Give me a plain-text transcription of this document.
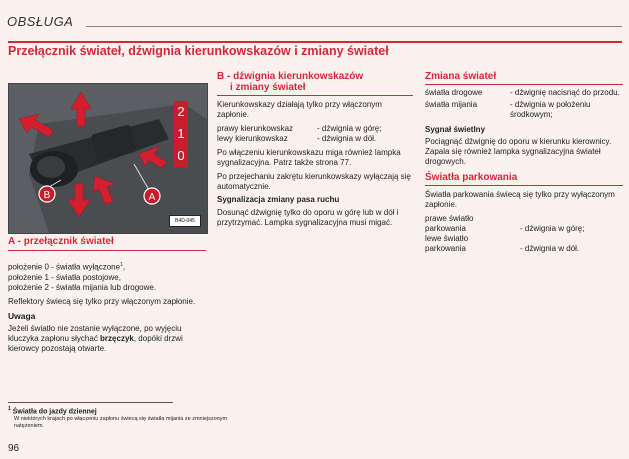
OBSŁUGA
Przełącznik świateł, dźwignia kierunkowskazów i zmiany świateł
2
1
0
B	A
B4D-045
A - przełącznik świateł
położenie 0 - światła wyłączone$^1$,
położenie 1 - światła postojowe,
położenie 2 - światła mijania lub drogowe.
Reflektory świecą się tylko przy włączonym zapłonie.
Uwaga
Jeżeli światło nie zostanie wyłączone, po wyjęciu kluczyka zapłonu słychać brzęczyk, dopóki drzwi kierowcy pozostają otwarte.
B - dźwignia kierunkowskazów
i zmiany świateł
Kierunkowskazy działają tylko przy włączonym zapłonie.
prawy kierunkowskaz	- dźwignia w górę;
lewy kierunkowskaz	- dźwignia w dół.
Po włączeniu kierunkowskazu miga również lampka sygnalizacyjna. Patrz także strona 77.
Po przejechaniu zakrętu kierunkowskazy wyłączają się automatycznie.
Sygnalizacja zmiany pasa ruchu
Dosunąć dźwignię tylko do oporu w górę lub w dół i przytrzymać. Lampka sygnalizacyjna musi migać.
Zmiana świateł
światła drogowe	- dźwignię nacisnąć do przodu.
światła mijania	- dźwignia w położeniu środkowym;
Sygnał świetlny
Pociągnąć dźwignię do oporu w kierunku kierownicy. Zapala się również lampka sygnalizacyjna świateł drogowych.
Światła parkowania
Światła parkowania świecą się tylko przy wyłączonym zapłonie.
prawe światło
parkowania	- dźwignia w górę;
lewe światło
parkowania	- dźwignia w dół.
$^1$ Światła do jazdy dziennej
W niektórych krajach po włączeniu zapłonu świecą się światła mijania ze zmniejszonym natężeniem.
96
